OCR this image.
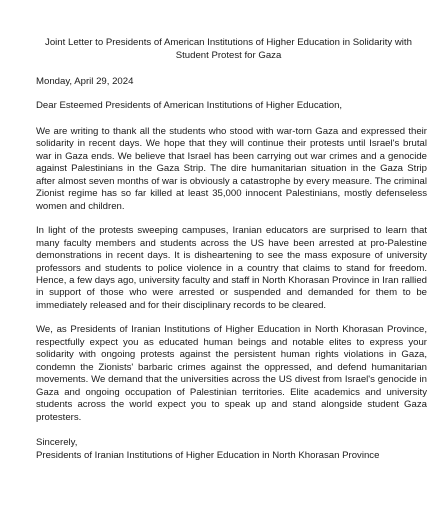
Joint Letter to Presidents of American Institutions of Higher Education in Solidarity with Student Protest for Gaza
Monday, April 29, 2024
Dear Esteemed Presidents of American Institutions of Higher Education,
We are writing to thank all the students who stood with war-torn Gaza and expressed their solidarity in recent days. We hope that they will continue their protests until Israel's brutal war in Gaza ends. We believe that Israel has been carrying out war crimes and a genocide against Palestinians in the Gaza Strip. The dire humanitarian situation in the Gaza Strip after almost seven months of war is obviously a catastrophe by every measure. The criminal Zionist regime has so far killed at least 35,000 innocent Palestinians, mostly defenseless women and children.
In light of the protests sweeping campuses, Iranian educators are surprised to learn that many faculty members and students across the US have been arrested at pro-Palestine demonstrations in recent days. It is disheartening to see the mass exposure of university professors and students to police violence in a country that claims to stand for freedom. Hence, a few days ago, university faculty and staff in North Khorasan Province in Iran rallied in support of those who were arrested or suspended and demanded for them to be immediately released and for their disciplinary records to be cleared.
We, as Presidents of Iranian Institutions of Higher Education in North Khorasan Province, respectfully expect you as educated human beings and notable elites to express your solidarity with ongoing protests against the persistent human rights violations in Gaza, condemn the Zionists' barbaric crimes against the oppressed, and defend humanitarian movements. We demand that the universities across the US divest from Israel's genocide in Gaza and ongoing occupation of Palestinian territories. Elite academics and university students across the world expect you to speak up and stand alongside student Gaza protesters.
Sincerely,
Presidents of Iranian Institutions of Higher Education in North Khorasan Province
